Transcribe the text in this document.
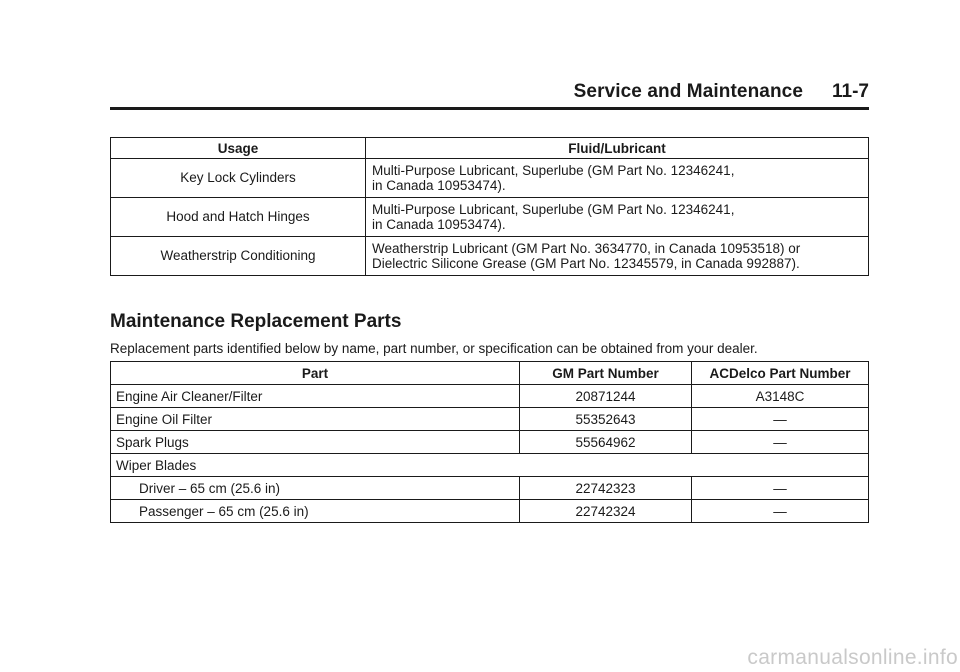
Service and Maintenance 11-7
Usage	Fluid/Lubricant
Key Lock Cylinders	Multi-Purpose Lubricant, Superlube (GM Part No. 12346241,
in Canada 10953474).

Hood and Hatch Hinges	Multi-Purpose Lubricant, Superlube (GM Part No. 12346241,
in Canada 10953474).

Weatherstrip Conditioning	Weatherstrip Lubricant (GM Part No. 3634770, in Canada 10953518) or
Dielectric Silicone Grease (GM Part No. 12345579, in Canada 992887).
Maintenance Replacement Parts
Replacement parts identified below by name, part number, or specification can be obtained from your dealer.
Part	GM Part Number	ACDelco Part Number
Engine Air Cleaner/Filter	20871244	A3148C
Engine Oil Filter	55352643	—
Spark Plugs	55564962	—
Wiper Blades		
Driver – 65 cm (25.6 in)	22742323	—
Passenger – 65 cm (25.6 in)	22742324	—
carmanualsonline.info
